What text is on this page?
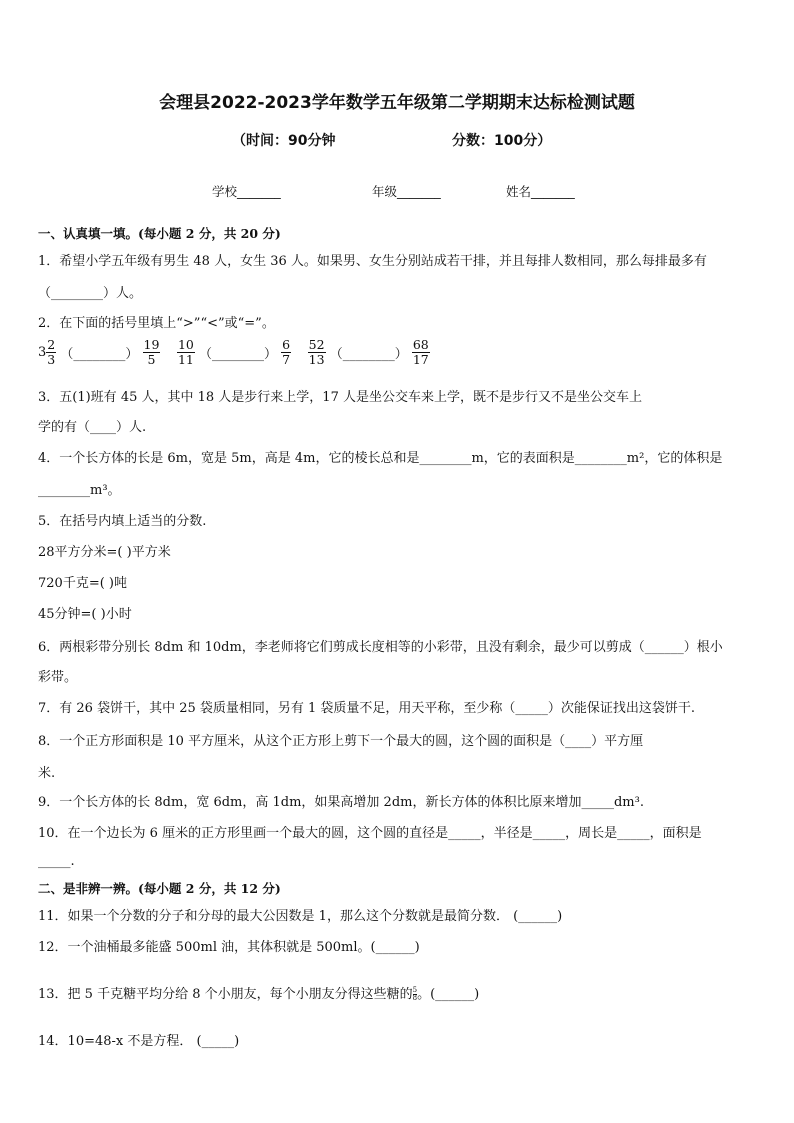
会理县2022-2023学年数学五年级第二学期期末达标检测试题
（时间：90分钟	分数：100分）
学校_______	年级_______	姓名_______
一、认真填一填。(每小题 2 分，共 20 分)
1．希望小学五年级有男生 48 人，女生 36 人。如果男、女生分别站成若干排，并且每排人数相同，那么每排最多有
（________）人。
2．在下面的括号里填上“>”“<”或“=”。
$3 \frac{2}{3}$ （________） $\frac{19}{5}$
$\frac{10}{11}$ （________） $\frac{6}{7}$
$\frac{52}{13}$ （________） $\frac{68}{17}$
3．五(1)班有 45 人，其中 18 人是步行来上学，17 人是坐公交车来上学，既不是步行又不是坐公交车上
学的有（____）人.
4．一个长方体的长是 6m，宽是 5m，高是 4m，它的棱长总和是________m，它的表面积是________m²，它的体积是
________m³。
5．在括号内填上适当的分数.
28平方分米=( )平方米
720千克=( )吨
45分钟=( )小时
6．两根彩带分别长 8dm 和 10dm，李老师将它们剪成长度相等的小彩带，且没有剩余，最少可以剪成（______）根小
彩带。
7．有 26 袋饼干，其中 25 袋质量相同，另有 1 袋质量不足，用天平称，至少称（_____）次能保证找出这袋饼干.
8．一个正方形面积是 10 平方厘米，从这个正方形上剪下一个最大的圆，这个圆的面积是（____）平方厘
米.
9．一个长方体的长 8dm，宽 6dm，高 1dm，如果高增加 2dm，新长方体的体积比原来增加_____dm³.
10．在一个边长为 6 厘米的正方形里画一个最大的圆，这个圆的直径是_____，半径是_____，周长是_____，面积是
_____.
二、是非辨一辨。(每小题 2 分，共 12 分)
11．如果一个分数的分子和分母的最大公因数是 1，那么这个分数就是最简分数． (______)
12．一个油桶最多能盛 500ml 油，其体积就是 500ml。(______)
13．把 5 千克糖平均分给 8 个小朋友，每个小朋友分得这些糖的 $\frac{5}{8}$。(______)
14．10=48-x 不是方程． (_____)
